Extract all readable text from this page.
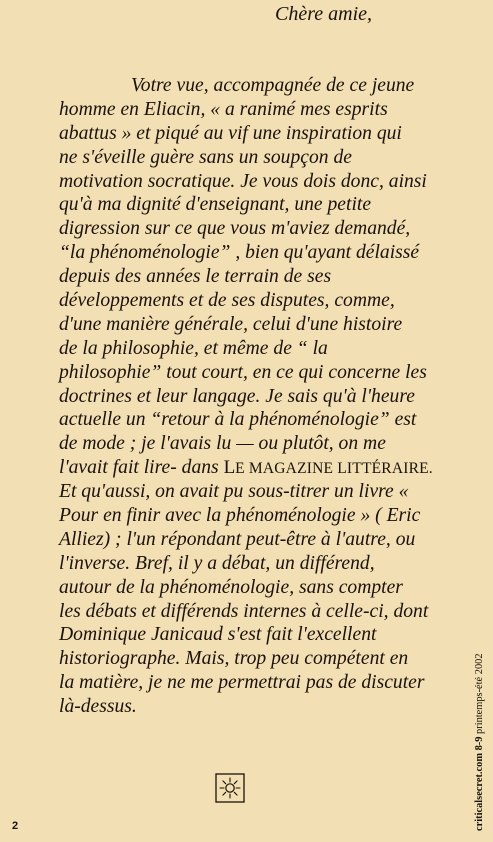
Chère amie,
Votre vue, accompagnée de ce jeune
homme en Eliacin, « a ranimé mes esprits
abattus » et piqué au vif une inspiration qui
ne s'éveille guère sans un soupçon de
motivation socratique. Je vous dois donc, ainsi
qu'à ma dignité d'enseignant, une petite
digression sur ce que vous m'aviez demandé,
“la phénoménologie” , bien qu'ayant délaissé
depuis des années le terrain de ses
développements et de ses disputes, comme,
d'une manière générale, celui d'une histoire
de la philosophie, et même de “ la
philosophie” tout court, en ce qui concerne les
doctrines et leur langage. Je sais qu'à l'heure
actuelle un “retour à la phénoménologie” est
de mode ; je l'avais lu — ou plutôt, on me
l'avait fait lire- dans LE MAGAZINE LITTÉRAIRE.
Et qu'aussi, on avait pu sous-titrer un livre «
Pour en finir avec la phénoménologie » ( Eric
Alliez) ; l'un répondant peut-être à l'autre, ou
l'inverse. Bref, il y a débat, un différend,
autour de la phénoménologie, sans compter
les débats et différends internes à celle-ci, dont
Dominique Janicaud s'est fait l'excellent
historiographe. Mais, trop peu compétent en
la matière, je ne me permettrai pas de discuter
là-dessus.
2	criticalsecret.com 8-9 printemps-été 2002
